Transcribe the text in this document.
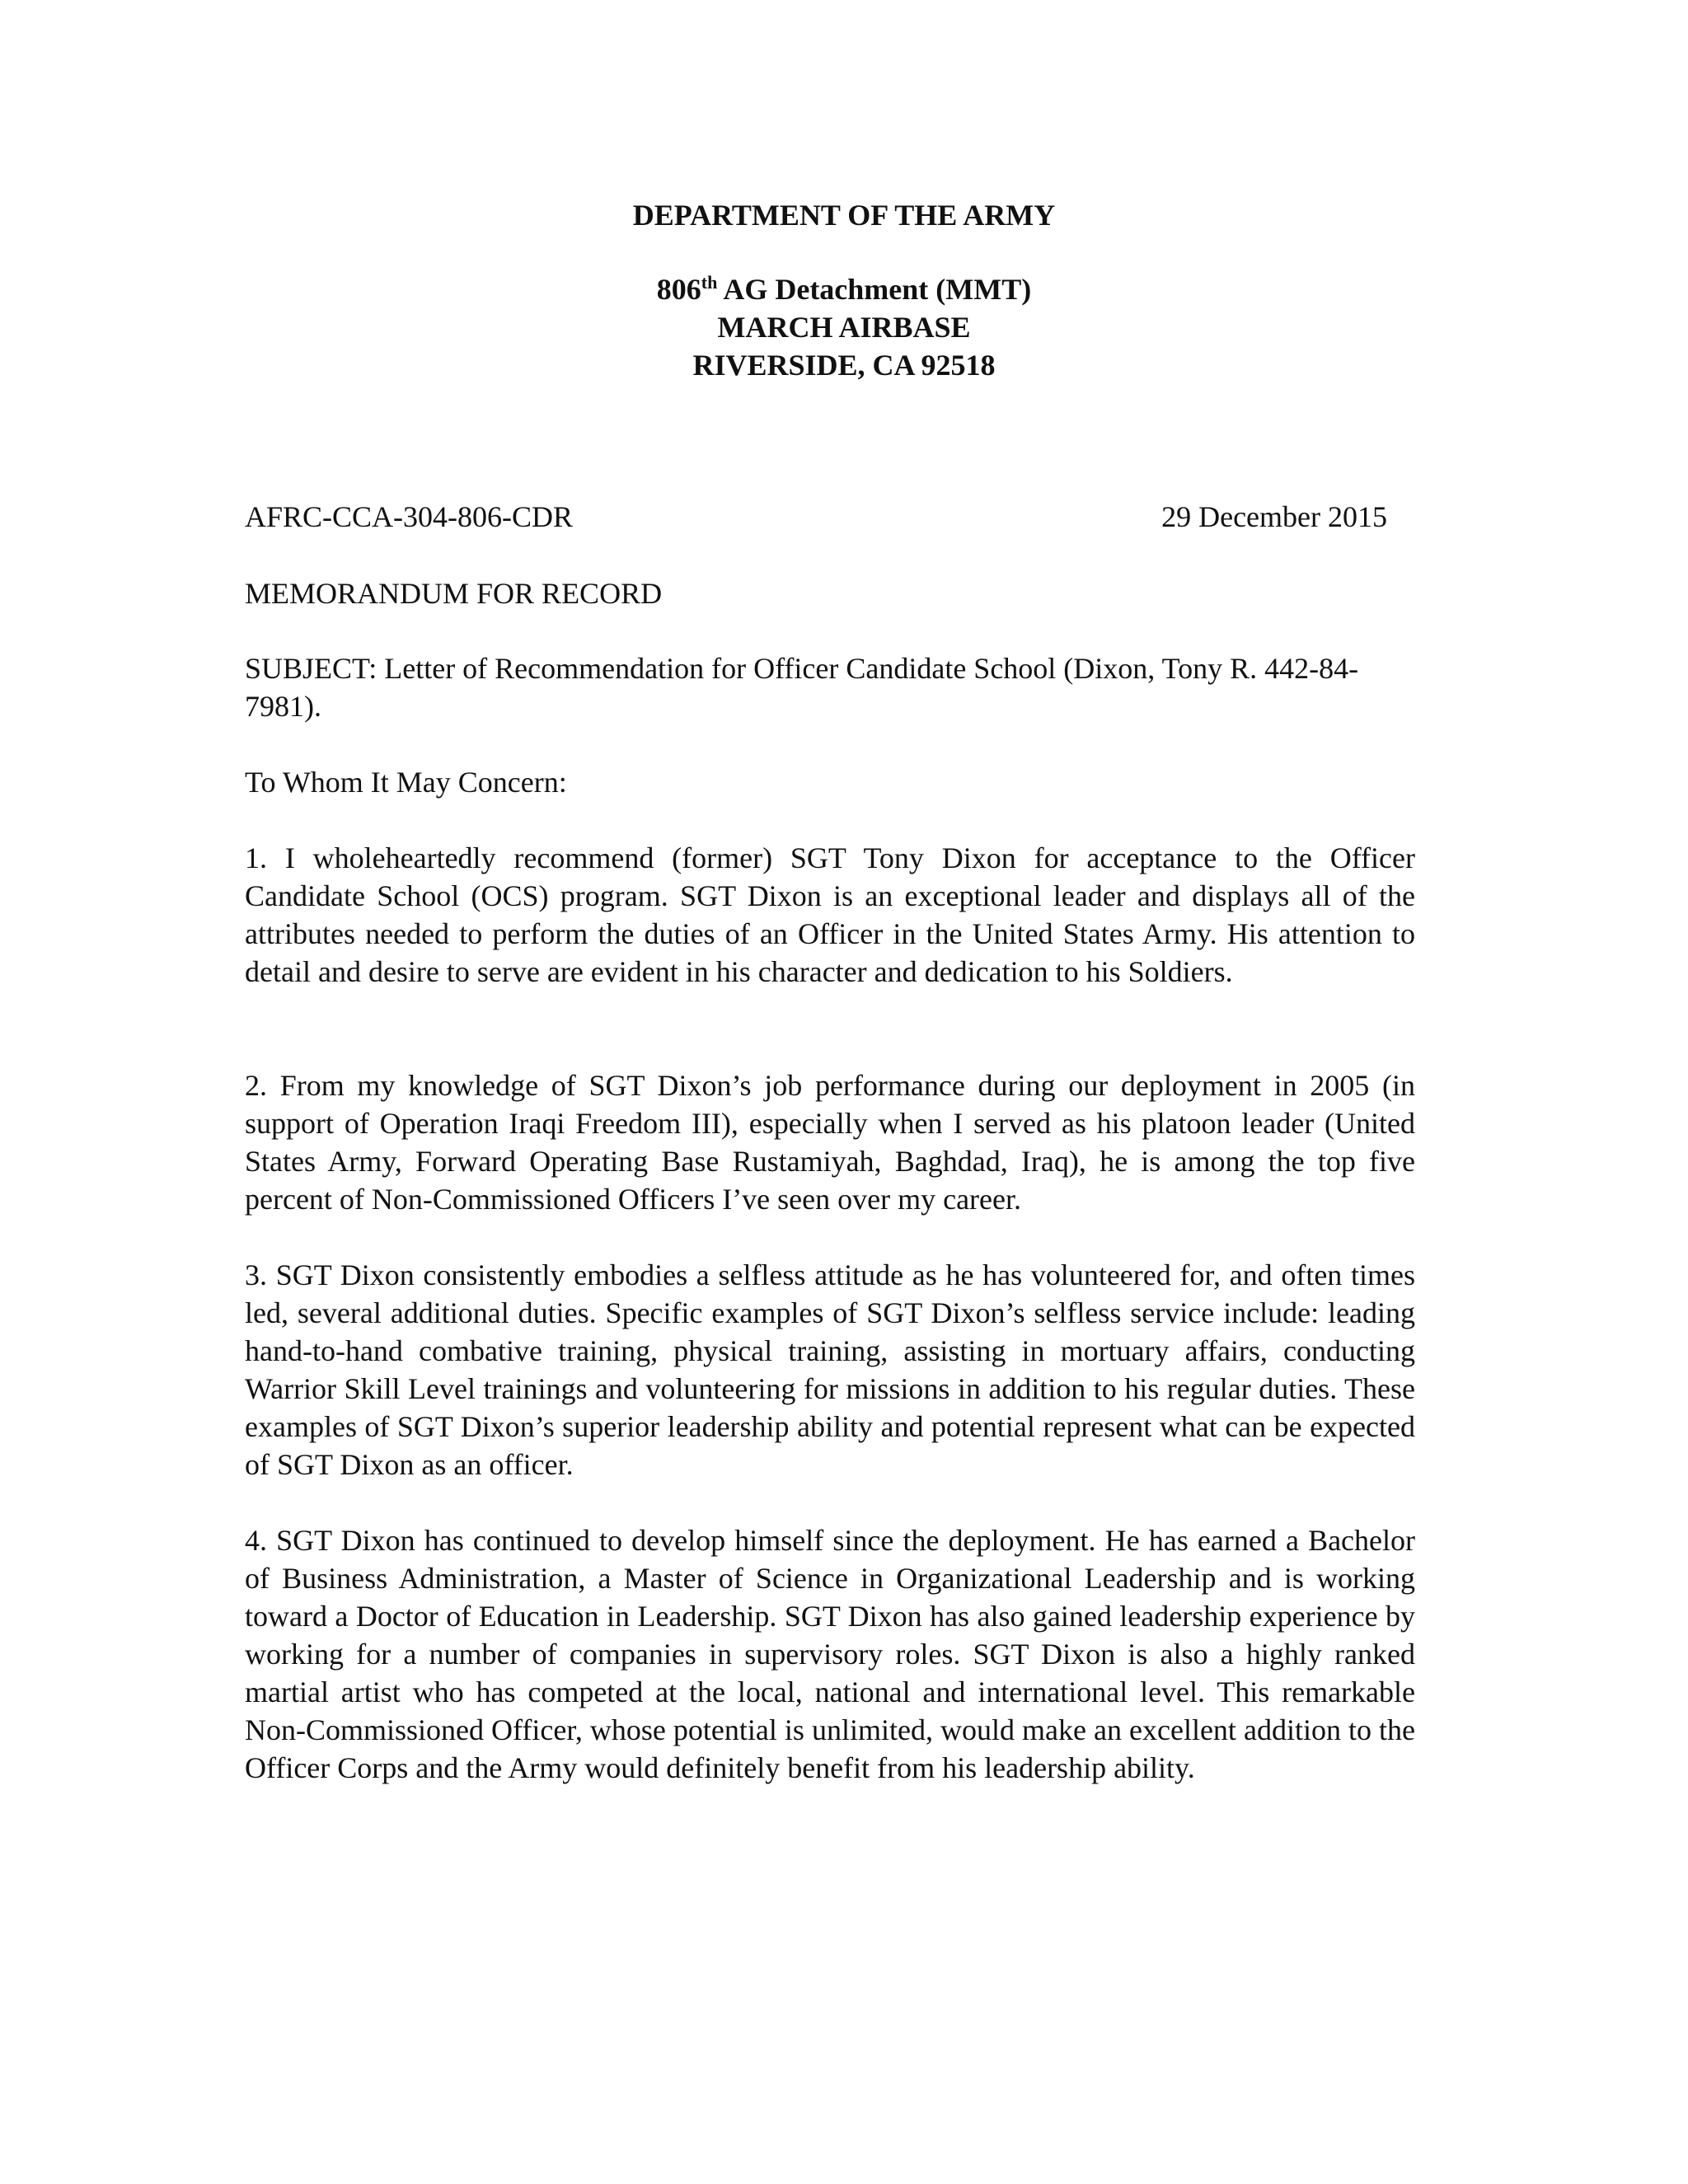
DEPARTMENT OF THE ARMY
806th AG Detachment (MMT)
MARCH AIRBASE
RIVERSIDE, CA 92518
AFRC-CCA-304-806-CDR	29 December 2015
MEMORANDUM FOR RECORD
SUBJECT: Letter of Recommendation for Officer Candidate School (Dixon, Tony R. 442-84-7981).
To Whom It May Concern:

1. I wholeheartedly recommend (former) SGT Tony Dixon for acceptance to the Officer Candidate School (OCS) program. SGT Dixon is an exceptional leader and displays all of the attributes needed to perform the duties of an Officer in the United States Army. His attention to detail and desire to serve are evident in his character and dedication to his Soldiers.

2. From my knowledge of SGT Dixon’s job performance during our deployment in 2005 (in support of Operation Iraqi Freedom III), especially when I served as his platoon leader (United States Army, Forward Operating Base Rustamiyah, Baghdad, Iraq), he is among the top five percent of Non-Commissioned Officers I’ve seen over my career.

3. SGT Dixon consistently embodies a selfless attitude as he has volunteered for, and often times led, several additional duties. Specific examples of SGT Dixon’s selfless service include: leading hand-to-hand combative training, physical training, assisting in mortuary affairs, conducting Warrior Skill Level trainings and volunteering for missions in addition to his regular duties. These examples of SGT Dixon’s superior leadership ability and potential represent what can be expected of SGT Dixon as an officer.

4. SGT Dixon has continued to develop himself since the deployment. He has earned a Bachelor of Business Administration, a Master of Science in Organizational Leadership and is working toward a Doctor of Education in Leadership. SGT Dixon has also gained leadership experience by working for a number of companies in supervisory roles. SGT Dixon is also a highly ranked martial artist who has competed at the local, national and international level. This remarkable Non-Commissioned Officer, whose potential is unlimited, would make an excellent addition to the Officer Corps and the Army would definitely benefit from his leadership ability.
